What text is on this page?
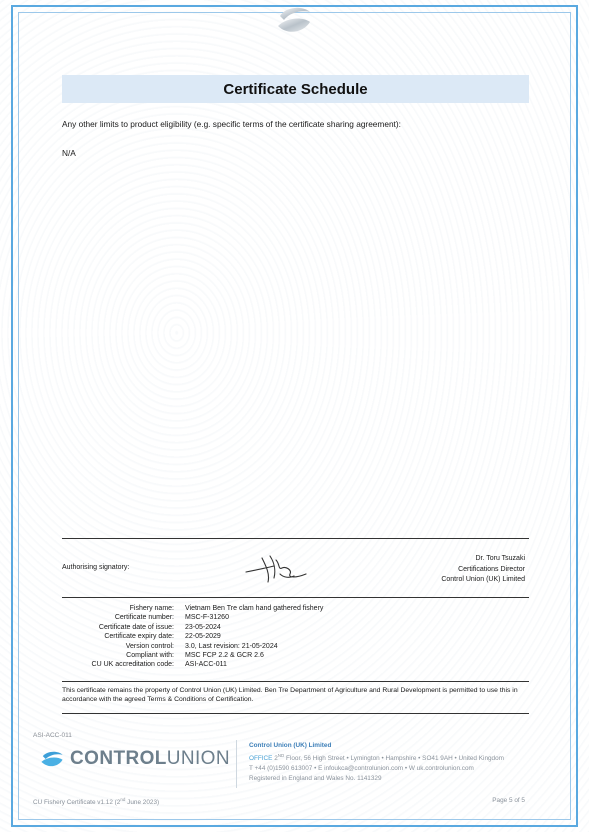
Certificate Schedule
Any other limits to product eligibility (e.g. specific terms of the certificate sharing agreement):
N/A
Authorising signatory:
Dr. Toru Tsuzaki
Certifications Director
Control Union (UK) Limited
Fishery name:	Vietnam Ben Tre clam hand gathered fishery
Certificate number:	MSC-F-31260
Certificate date of issue:	23-05-2024
Certificate expiry date:	22-05-2029
Version control:	3.0, Last revision: 21-05-2024
Compliant with:	MSC FCP 2.2 & GCR 2.6
CU UK accreditation code:	ASI-ACC-011
This certificate remains the property of Control Union (UK) Limited. Ben Tre Department of Agriculture and Rural Development is permitted to use this in accordance with the agreed Terms & Conditions of Certification.
ASI-ACC-011
CONTROLUNION
Control Union (UK) Limited
OFFICE 2ND Floor, 56 High Street • Lymington • Hampshire • SO41 9AH • United Kingdom
T +44 (0)1590 613007 • E infoukca@controlunion.com • W uk.controlunion.com
Registered in England and Wales No. 1141329
CU Fishery Certificate v1.12 (2nd June 2023)	Page 5 of 5
